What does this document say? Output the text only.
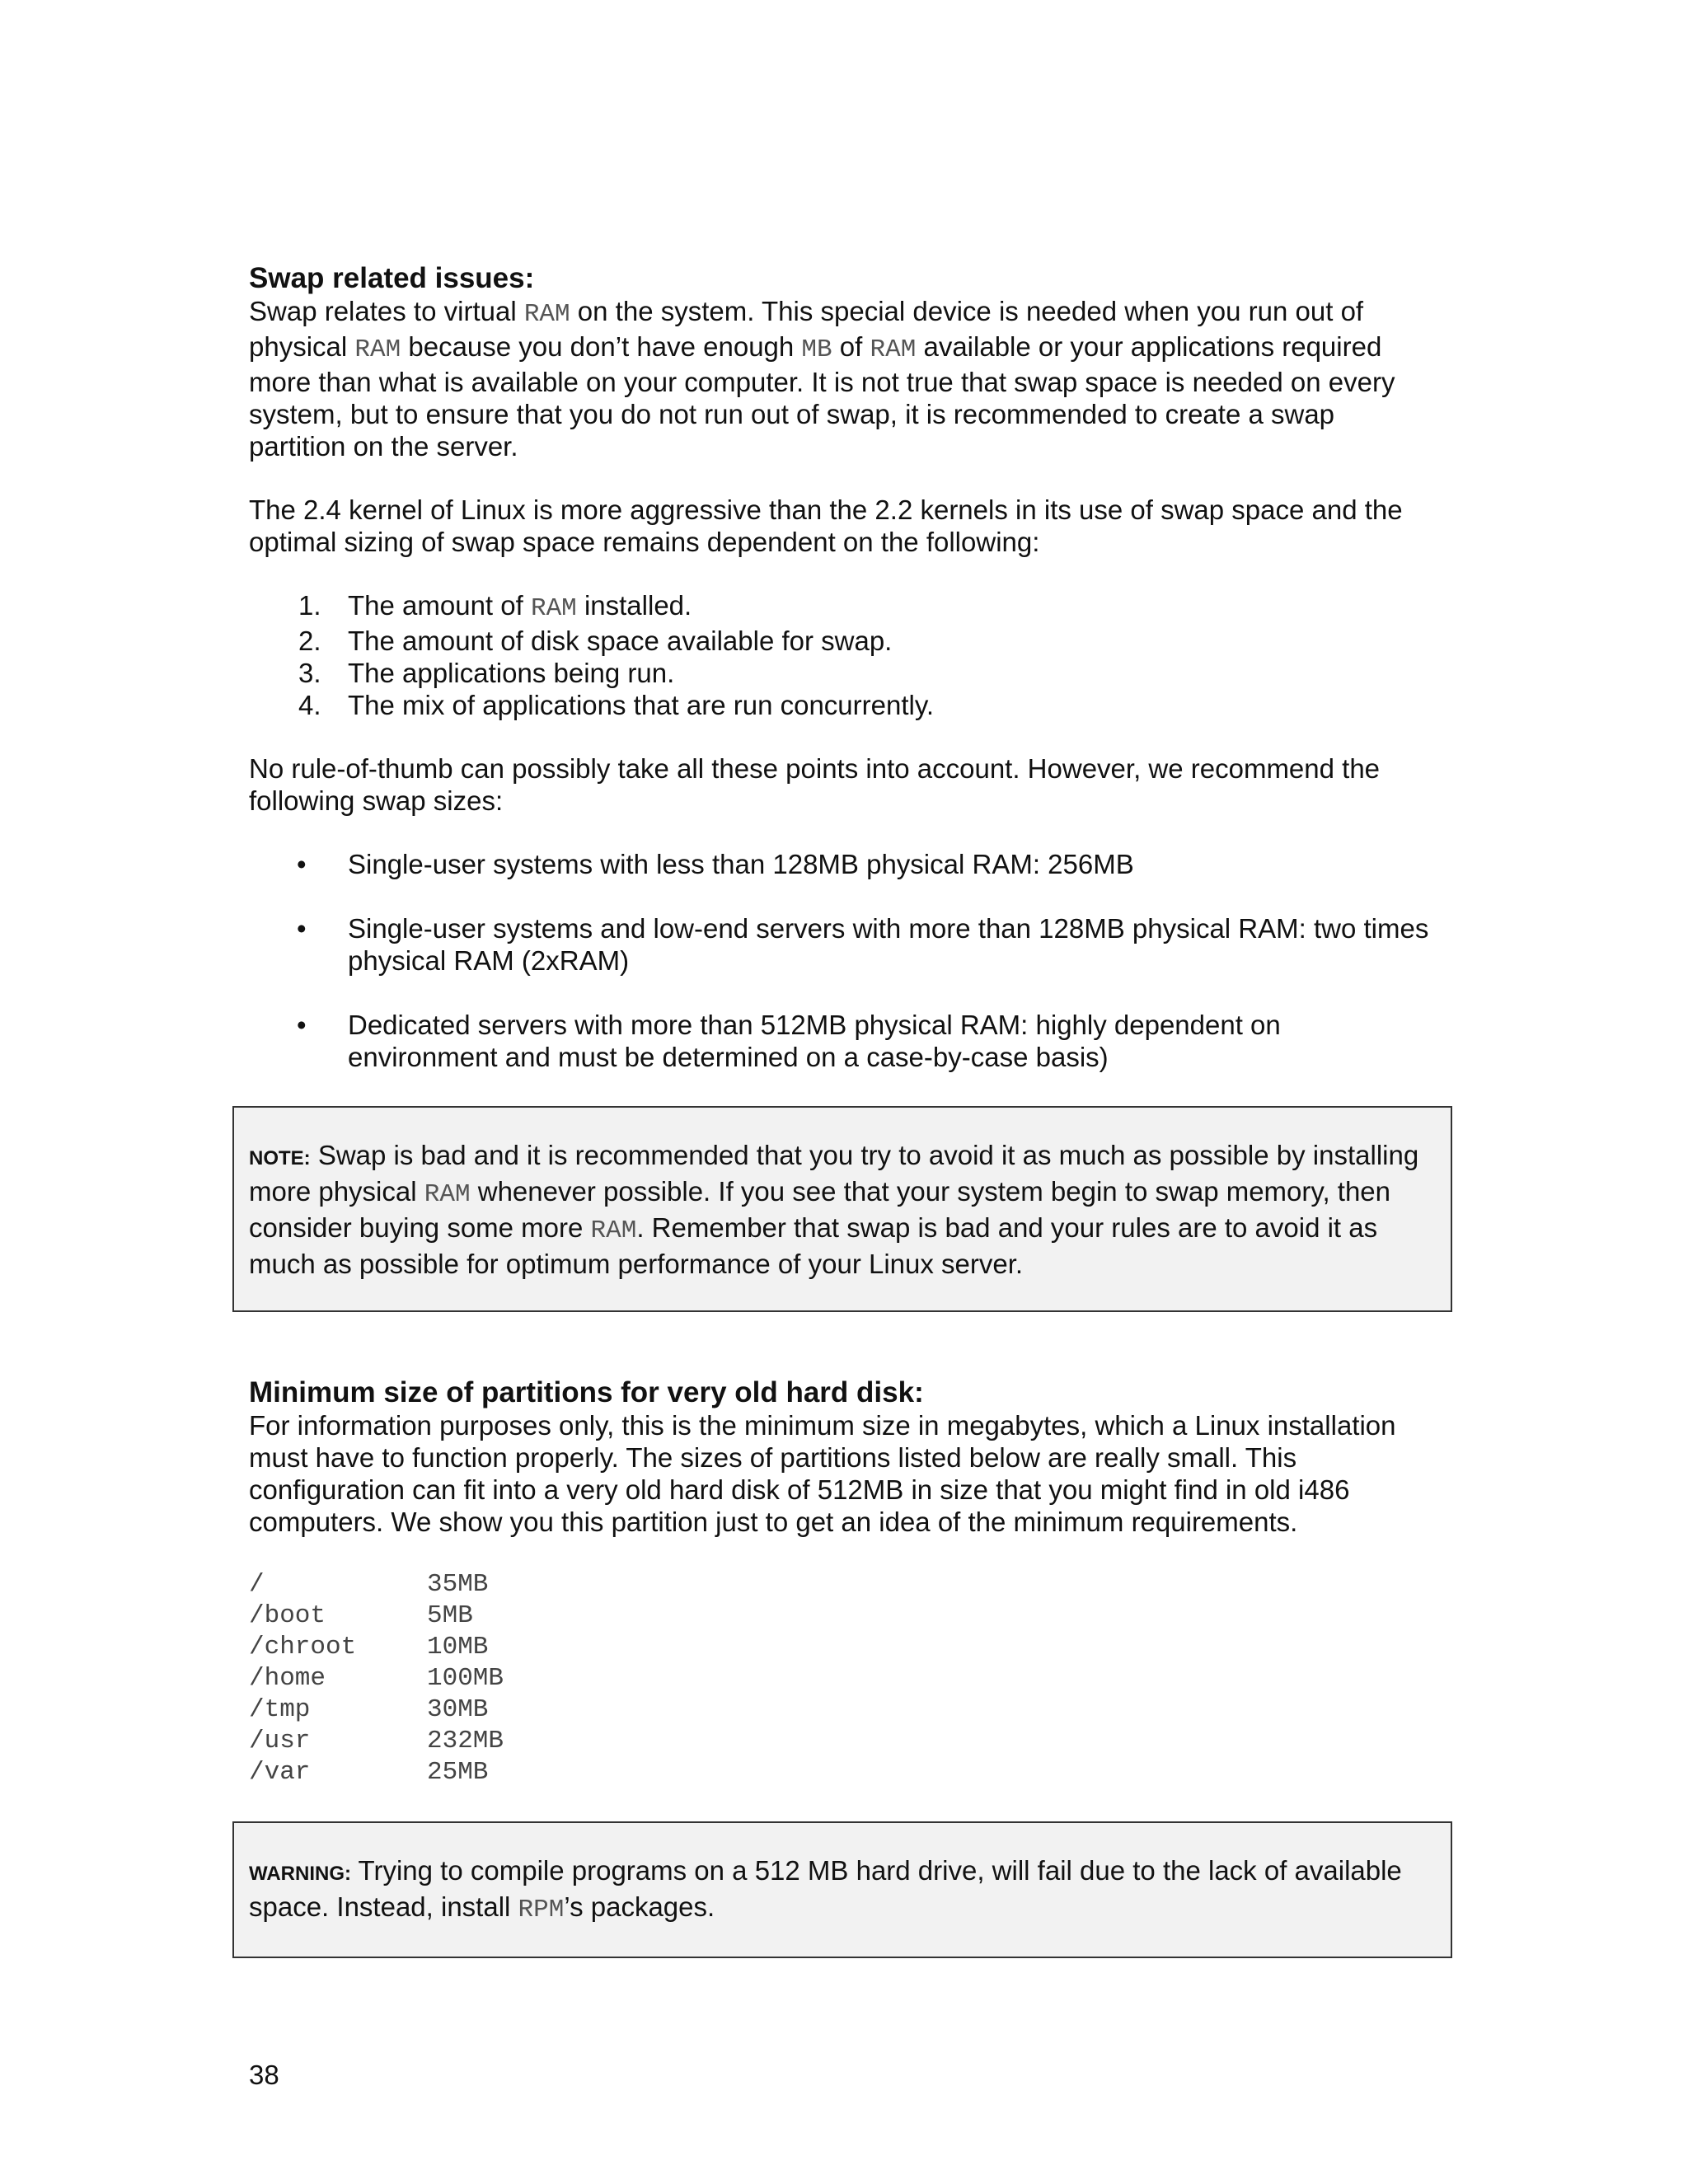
Swap related issues:

Swap relates to virtual RAM on the system. This special device is needed when you run out of physical RAM because you don’t have enough MB of RAM available or your applications required more than what is available on your computer. It is not true that swap space is needed on every system, but to ensure that you do not run out of swap, it is recommended to create a swap partition on the server.

The 2.4 kernel of Linux is more aggressive than the 2.2 kernels in its use of swap space and the optimal sizing of swap space remains dependent on the following:

1. The amount of RAM installed.
2. The amount of disk space available for swap.
3. The applications being run.
4. The mix of applications that are run concurrently.

No rule-of-thumb can possibly take all these points into account. However, we recommend the following swap sizes:

• Single-user systems with less than 128MB physical RAM: 256MB
• Single-user systems and low-end servers with more than 128MB physical RAM: two times physical RAM (2xRAM)
• Dedicated servers with more than 512MB physical RAM: highly dependent on environment and must be determined on a case-by-case basis)
NOTE: Swap is bad and it is recommended that you try to avoid it as much as possible by installing more physical RAM whenever possible. If you see that your system begin to swap memory, then consider buying some more RAM. Remember that swap is bad and your rules are to avoid it as much as possible for optimum performance of your Linux server.
Minimum size of partitions for very old hard disk:

For information purposes only, this is the minimum size in megabytes, which a Linux installation must have to function properly. The sizes of partitions listed below are really small. This configuration can fit into a very old hard disk of 512MB in size that you might find in old i486 computers. We show you this partition just to get an idea of the minimum requirements.

/	35MB
/boot	5MB
/chroot	10MB
/home	100MB
/tmp	30MB
/usr	232MB
/var	25MB
WARNING: Trying to compile programs on a 512 MB hard drive, will fail due to the lack of available space. Instead, install RPM’s packages.
38
